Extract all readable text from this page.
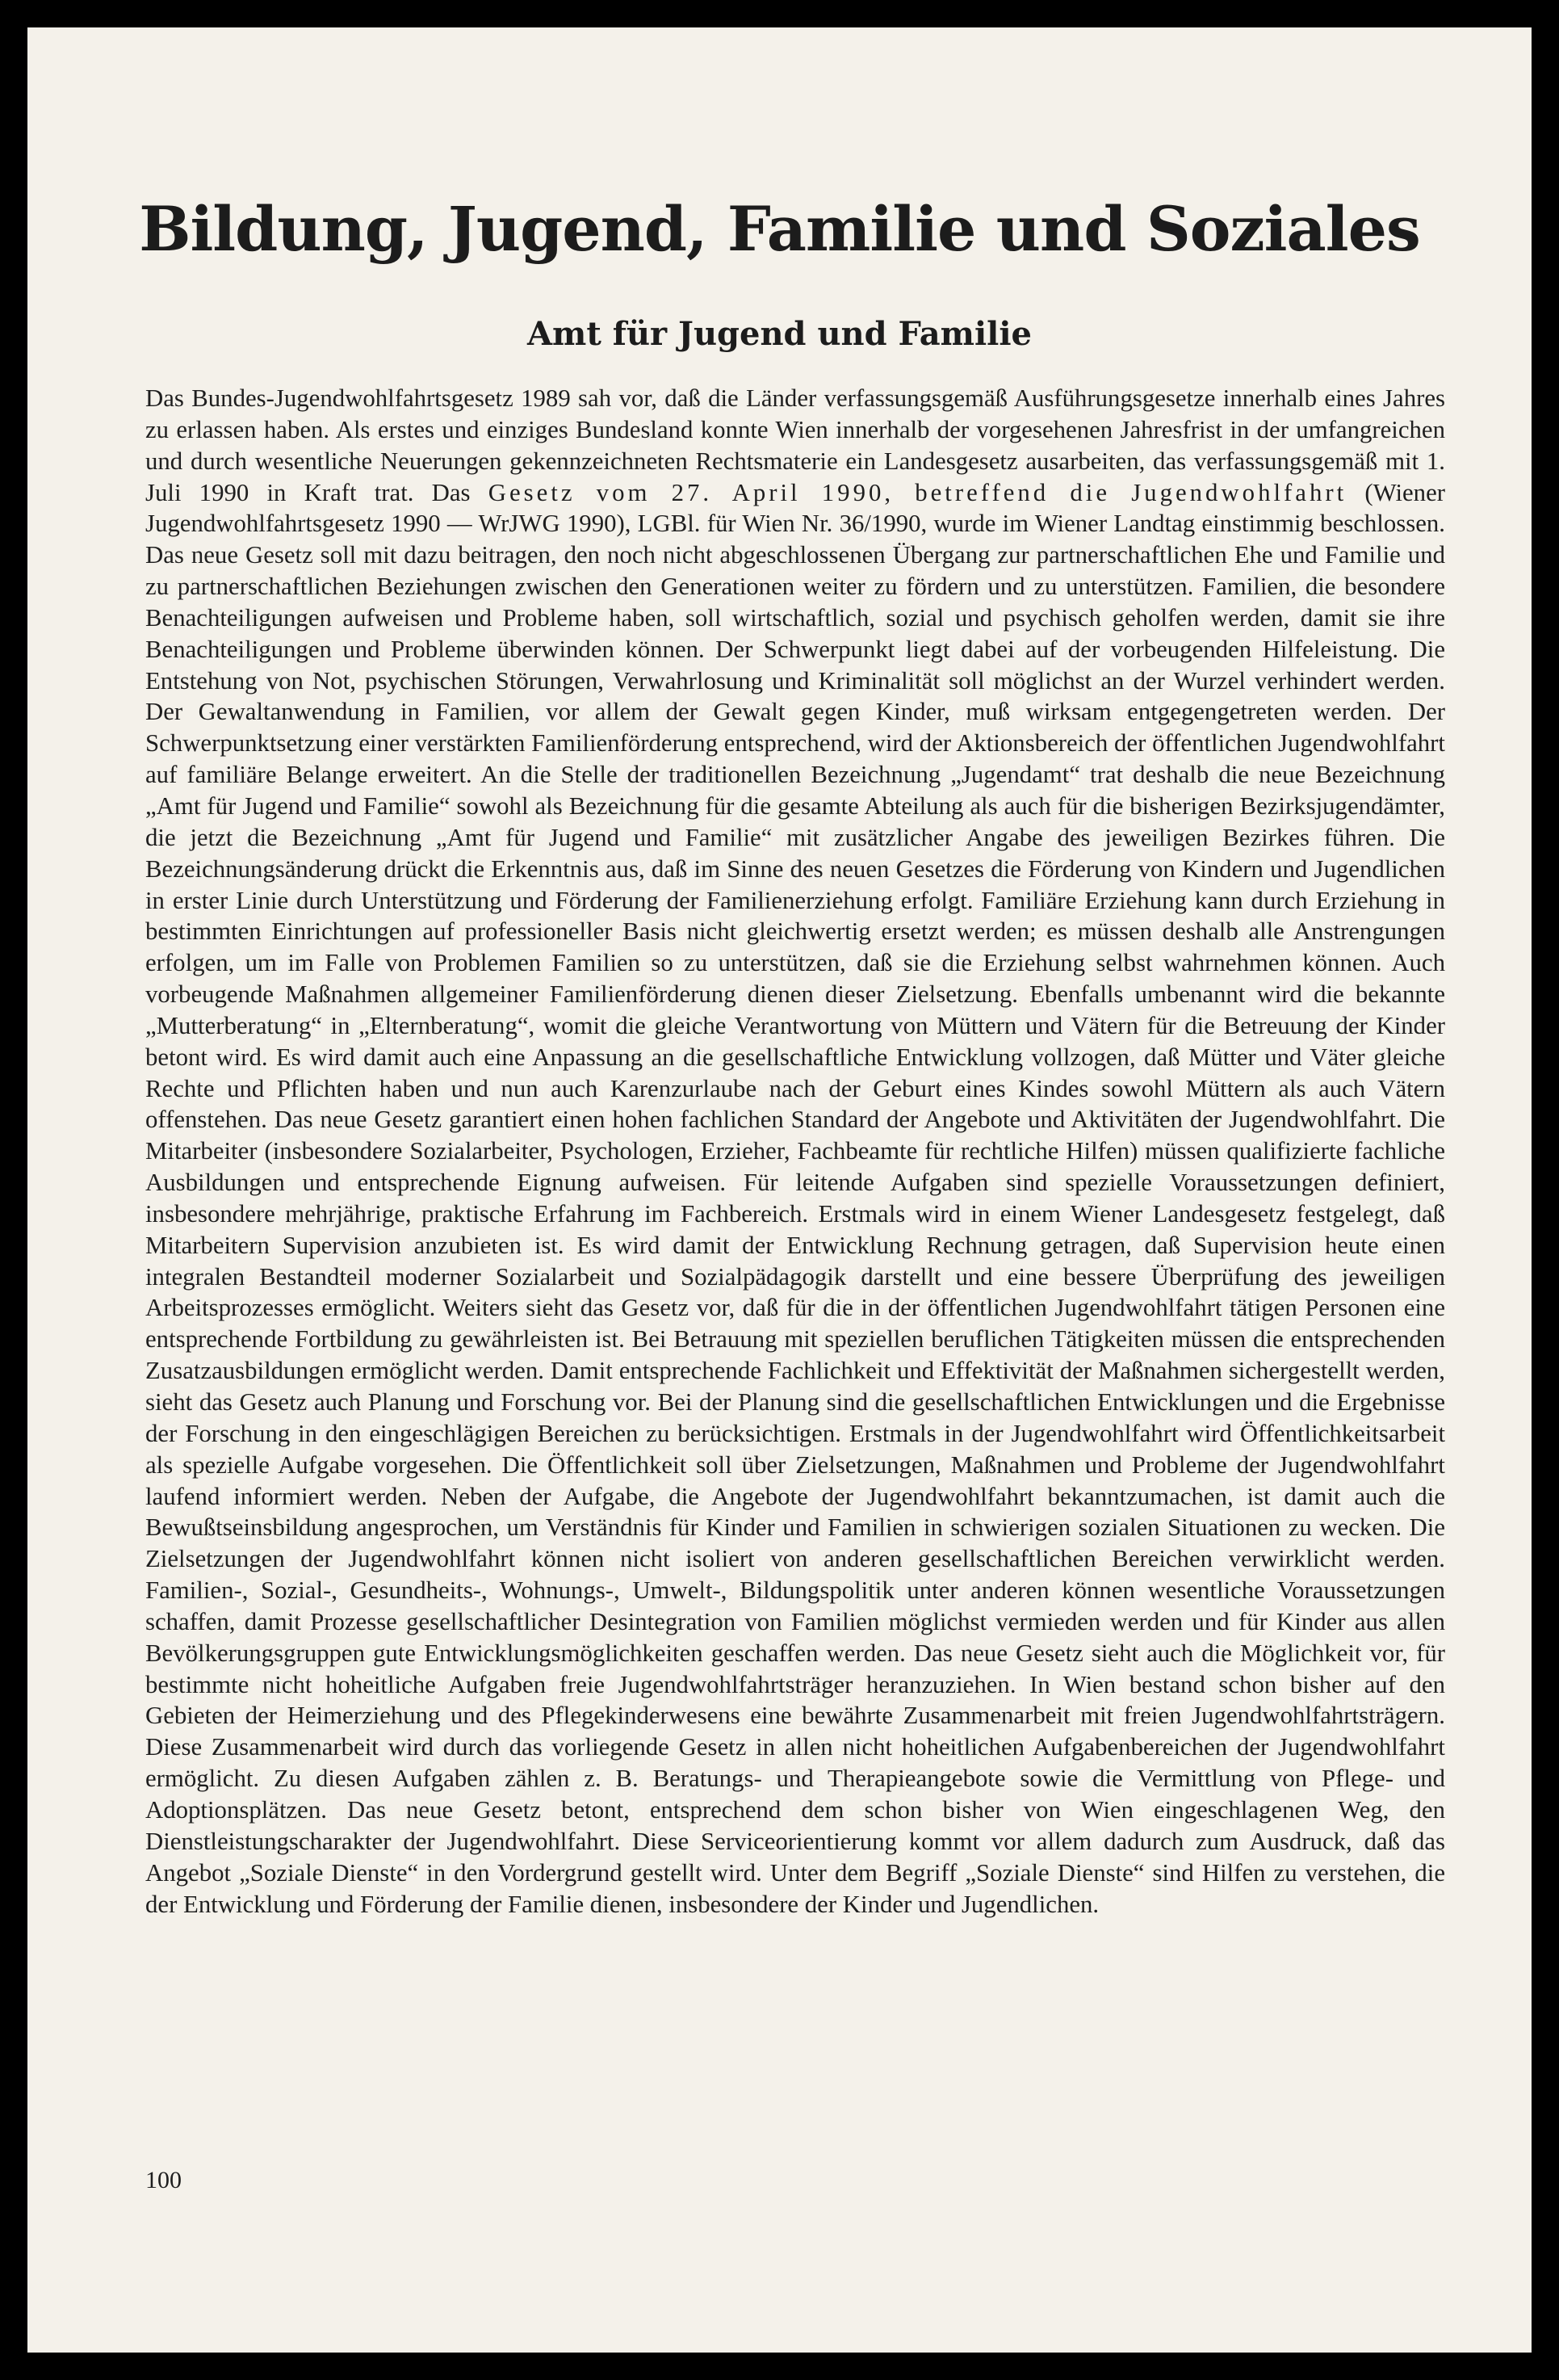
Bildung, Jugend, Familie und Soziales
Amt für Jugend und Familie

Das Bundes-Jugendwohlfahrtsgesetz 1989 sah vor, daß die Länder verfassungsgemäß Ausführungsgesetze innerhalb eines Jahres zu erlassen haben. Als erstes und einziges Bundesland konnte Wien innerhalb der vorgesehenen Jahresfrist in der umfangreichen und durch wesentliche Neuerungen gekennzeichneten Rechtsmaterie ein Landesgesetz ausarbeiten, das verfassungsgemäß mit 1. Juli 1990 in Kraft trat. Das Gesetz vom 27. April 1990, betreffend die Jugendwohlfahrt (Wiener Jugendwohlfahrtsgesetz 1990 — WrJWG 1990), LGBl. für Wien Nr. 36/1990, wurde im Wiener Landtag einstimmig beschlossen. Das neue Gesetz soll mit dazu beitragen, den noch nicht abgeschlossenen Übergang zur partnerschaftlichen Ehe und Familie und zu partnerschaftlichen Beziehungen zwischen den Generationen weiter zu fördern und zu unterstützen. Familien, die besondere Benachteiligungen aufweisen und Probleme haben, soll wirtschaftlich, sozial und psychisch geholfen werden, damit sie ihre Benachteiligungen und Probleme überwinden können. Der Schwerpunkt liegt dabei auf der vorbeugenden Hilfeleistung. Die Entstehung von Not, psychischen Störungen, Verwahrlosung und Kriminalität soll möglichst an der Wurzel verhindert werden. Der Gewaltanwendung in Familien, vor allem der Gewalt gegen Kinder, muß wirksam entgegengetreten werden. Der Schwerpunktsetzung einer verstärkten Familienförderung entsprechend, wird der Aktionsbereich der öffentlichen Jugendwohlfahrt auf familiäre Belange erweitert. An die Stelle der traditionellen Bezeichnung „Jugendamt“ trat deshalb die neue Bezeichnung „Amt für Jugend und Familie“ sowohl als Bezeichnung für die gesamte Abteilung als auch für die bisherigen Bezirksjugendämter, die jetzt die Bezeichnung „Amt für Jugend und Familie“ mit zusätzlicher Angabe des jeweiligen Bezirkes führen. Die Bezeichnungsänderung drückt die Erkenntnis aus, daß im Sinne des neuen Gesetzes die Förderung von Kindern und Jugendlichen in erster Linie durch Unterstützung und Förderung der Familienerziehung erfolgt. Familiäre Erziehung kann durch Erziehung in bestimmten Einrichtungen auf professioneller Basis nicht gleichwertig ersetzt werden; es müssen deshalb alle Anstrengungen erfolgen, um im Falle von Problemen Familien so zu unterstützen, daß sie die Erziehung selbst wahrnehmen können. Auch vorbeugende Maßnahmen allgemeiner Familienförderung dienen dieser Zielsetzung. Ebenfalls umbenannt wird die bekannte „Mutterberatung“ in „Elternberatung“, womit die gleiche Verantwortung von Müttern und Vätern für die Betreuung der Kinder betont wird. Es wird damit auch eine Anpassung an die gesellschaftliche Entwicklung vollzogen, daß Mütter und Väter gleiche Rechte und Pflichten haben und nun auch Karenzurlaube nach der Geburt eines Kindes sowohl Müttern als auch Vätern offenstehen. Das neue Gesetz garantiert einen hohen fachlichen Standard der Angebote und Aktivitäten der Jugendwohlfahrt. Die Mitarbeiter (insbesondere Sozialarbeiter, Psychologen, Erzieher, Fachbeamte für rechtliche Hilfen) müssen qualifizierte fachliche Ausbildungen und entsprechende Eignung aufweisen. Für leitende Aufgaben sind spezielle Voraussetzungen definiert, insbesondere mehrjährige, praktische Erfahrung im Fachbereich. Erstmals wird in einem Wiener Landesgesetz festgelegt, daß Mitarbeitern Supervision anzubieten ist. Es wird damit der Entwicklung Rechnung getragen, daß Supervision heute einen integralen Bestandteil moderner Sozialarbeit und Sozialpädagogik darstellt und eine bessere Überprüfung des jeweiligen Arbeitsprozesses ermöglicht. Weiters sieht das Gesetz vor, daß für die in der öffentlichen Jugendwohlfahrt tätigen Personen eine entsprechende Fortbildung zu gewährleisten ist. Bei Betrauung mit speziellen beruflichen Tätigkeiten müssen die entsprechenden Zusatzausbildungen ermöglicht werden. Damit entsprechende Fachlichkeit und Effektivität der Maßnahmen sichergestellt werden, sieht das Gesetz auch Planung und Forschung vor. Bei der Planung sind die gesellschaftlichen Entwicklungen und die Ergebnisse der Forschung in den eingeschlägigen Bereichen zu berücksichtigen. Erstmals in der Jugendwohlfahrt wird Öffentlichkeitsarbeit als spezielle Aufgabe vorgesehen. Die Öffentlichkeit soll über Zielsetzungen, Maßnahmen und Probleme der Jugendwohlfahrt laufend informiert werden. Neben der Aufgabe, die Angebote der Jugendwohlfahrt bekanntzumachen, ist damit auch die Bewußtseinsbildung angesprochen, um Verständnis für Kinder und Familien in schwierigen sozialen Situationen zu wecken. Die Zielsetzungen der Jugendwohlfahrt können nicht isoliert von anderen gesellschaftlichen Bereichen verwirklicht werden. Familien-, Sozial-, Gesundheits-, Wohnungs-, Umwelt-, Bildungspolitik unter anderen können wesentliche Voraussetzungen schaffen, damit Prozesse gesellschaftlicher Desintegration von Familien möglichst vermieden werden und für Kinder aus allen Bevölkerungsgruppen gute Entwicklungsmöglichkeiten geschaffen werden. Das neue Gesetz sieht auch die Möglichkeit vor, für bestimmte nicht hoheitliche Aufgaben freie Jugendwohlfahrtsträger heranzuziehen. In Wien bestand schon bisher auf den Gebieten der Heimerziehung und des Pflegekinderwesens eine bewährte Zusammenarbeit mit freien Jugendwohlfahrtsträgern. Diese Zusammenarbeit wird durch das vorliegende Gesetz in allen nicht hoheitlichen Aufgabenbereichen der Jugendwohlfahrt ermöglicht. Zu diesen Aufgaben zählen z. B. Beratungs- und Therapieangebote sowie die Vermittlung von Pflege- und Adoptionsplätzen. Das neue Gesetz betont, entsprechend dem schon bisher von Wien eingeschlagenen Weg, den Dienstleistungscharakter der Jugendwohlfahrt. Diese Serviceorientierung kommt vor allem dadurch zum Ausdruck, daß das Angebot „Soziale Dienste“ in den Vordergrund gestellt wird. Unter dem Begriff „Soziale Dienste“ sind Hilfen zu verstehen, die der Entwicklung und Förderung der Familie dienen, insbesondere der Kinder und Jugendlichen.

100
